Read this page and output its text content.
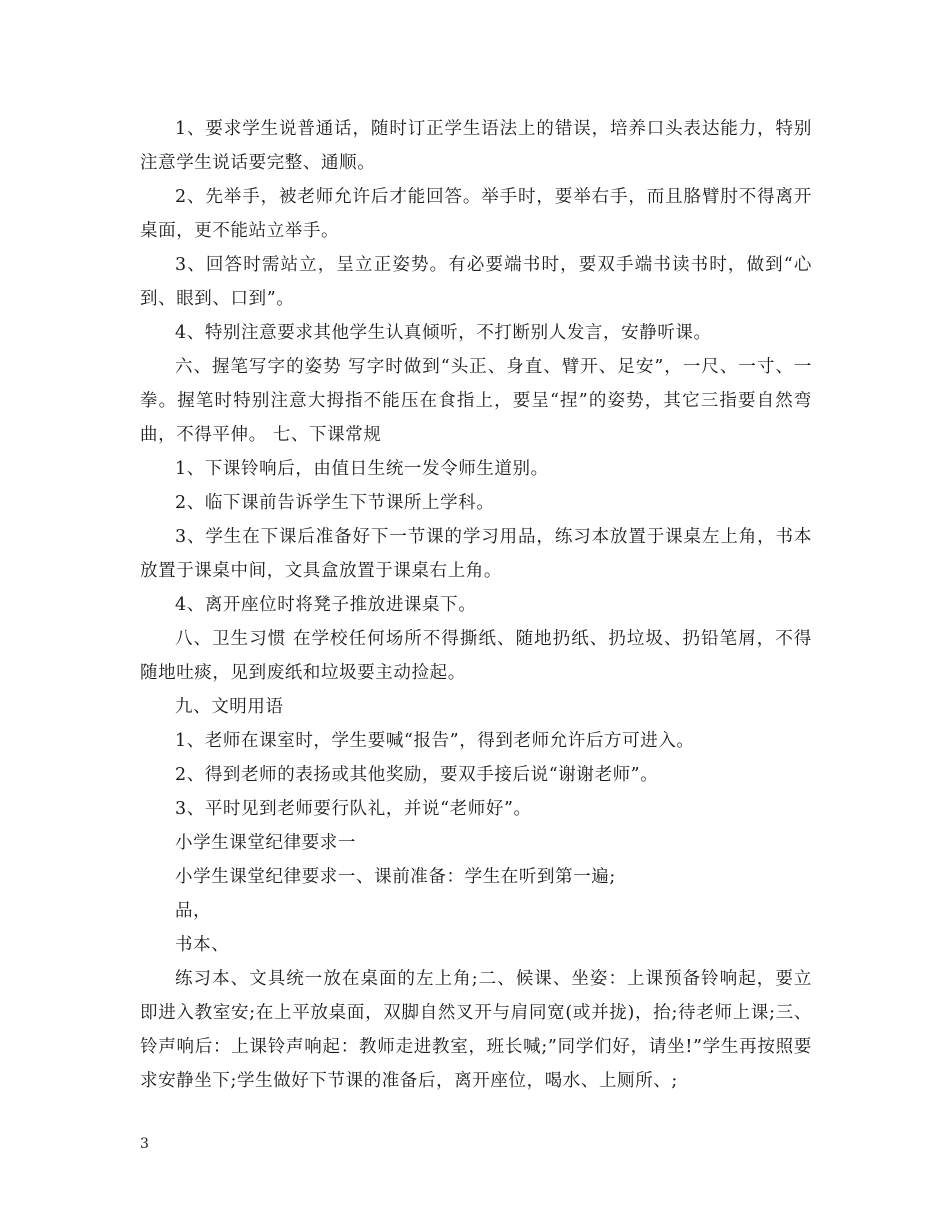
1、要求学生说普通话，随时订正学生语法上的错误，培养口头表达能力，特别注意学生说话要完整、通顺。

2、先举手，被老师允许后才能回答。举手时，要举右手，而且胳臂肘不得离开桌面，更不能站立举手。

3、回答时需站立，呈立正姿势。有必要端书时，要双手端书读书时，做到“心到、眼到、口到”。

4、特别注意要求其他学生认真倾听，不打断别人发言，安静听课。

六、握笔写字的姿势 写字时做到“头正、身直、臂开、足安”，一尺、一寸、一拳。握笔时特别注意大拇指不能压在食指上，要呈“捏”的姿势，其它三指要自然弯曲，不得平伸。 七、下课常规

1、下课铃响后，由值日生统一发令师生道别。

2、临下课前告诉学生下节课所上学科。

3、学生在下课后准备好下一节课的学习用品，练习本放置于课桌左上角，书本放置于课桌中间，文具盒放置于课桌右上角。

4、离开座位时将凳子推放进课桌下。

八、卫生习惯 在学校任何场所不得撕纸、随地扔纸、扔垃圾、扔铅笔屑，不得随地吐痰，见到废纸和垃圾要主动捡起。

九、文明用语

1、老师在课室时，学生要喊“报告”，得到老师允许后方可进入。

2、得到老师的表扬或其他奖励，要双手接后说“谢谢老师”。

3、平时见到老师要行队礼，并说“老师好”。

小学生课堂纪律要求一

小学生课堂纪律要求一、课前准备：学生在听到第一遍;

品，

书本、

练习本、文具统一放在桌面的左上角;二、候课、坐姿：上课预备铃响起，要立即进入教室安;在上平放桌面，双脚自然叉开与肩同宽(或并拢)，抬;待老师上课;三、铃声响后：上课铃声响起：教师走进教室，班长喊;”同学们好，请坐!”学生再按照要求安静坐下;学生做好下节课的准备后，离开座位，喝水、上厕所、;

3
